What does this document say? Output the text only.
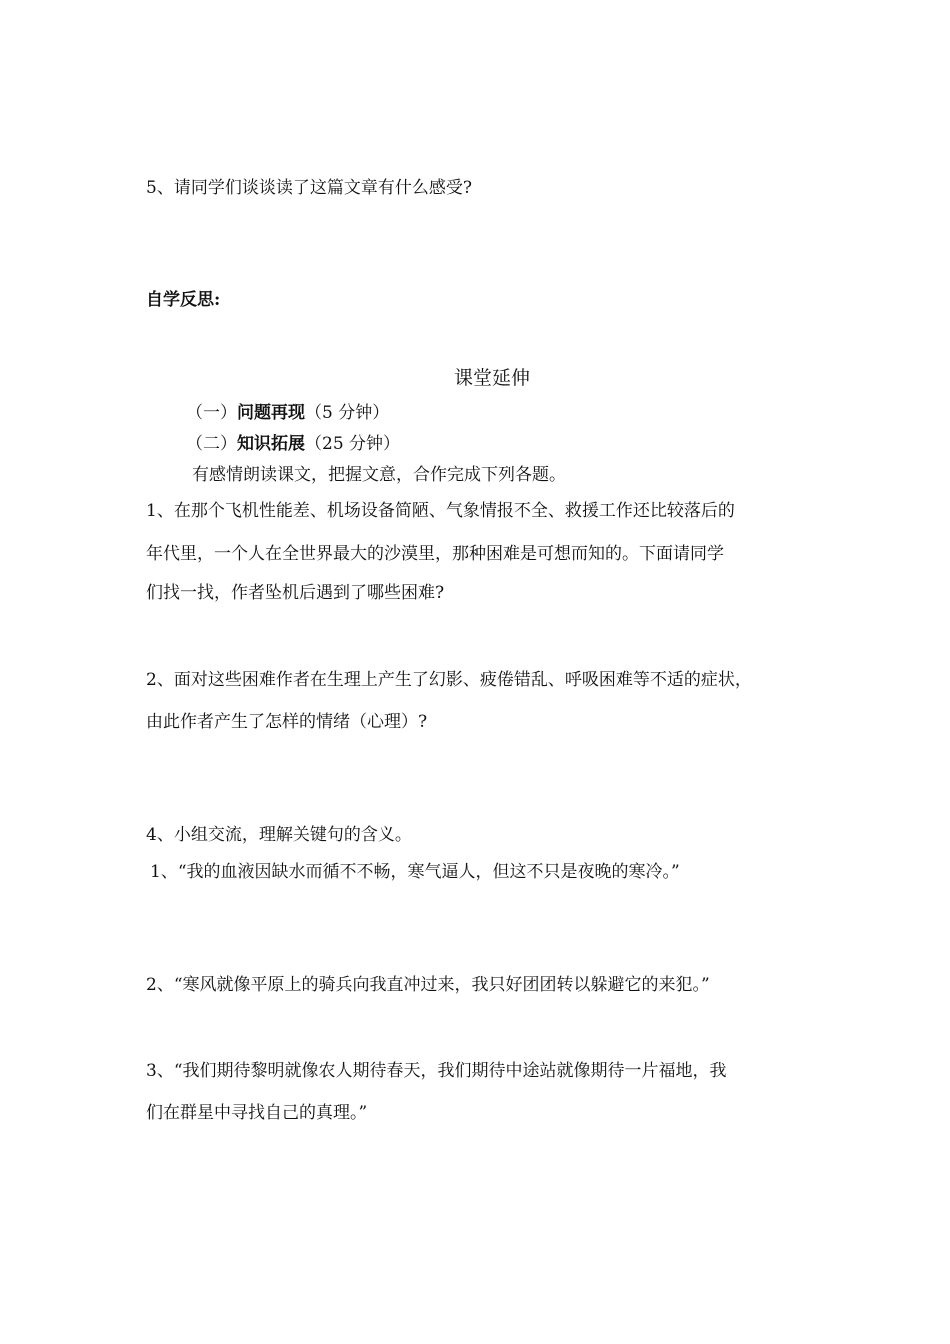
5、请同学们谈谈读了这篇文章有什么感受?
自学反思:
课堂延伸
（一）问题再现（5 分钟）
（二）知识拓展（25 分钟）
有感情朗读课文，把握文意，合作完成下列各题。
1、在那个飞机性能差、机场设备简陋、气象情报不全、救援工作还比较落后的
年代里，一个人在全世界最大的沙漠里，那种困难是可想而知的。下面请同学
们找一找，作者坠机后遇到了哪些困难?
2、面对这些困难作者在生理上产生了幻影、疲倦错乱、呼吸困难等不适的症状，
由此作者产生了怎样的情绪（心理）?
4、小组交流，理解关键句的含义。
1、“我的血液因缺水而循不不畅，寒气逼人，但这不只是夜晚的寒冷。”
2、“寒风就像平原上的骑兵向我直冲过来，我只好团团转以躲避它的来犯。”
3、“我们期待黎明就像农人期待春天，我们期待中途站就像期待一片福地，我
们在群星中寻找自己的真理。”
